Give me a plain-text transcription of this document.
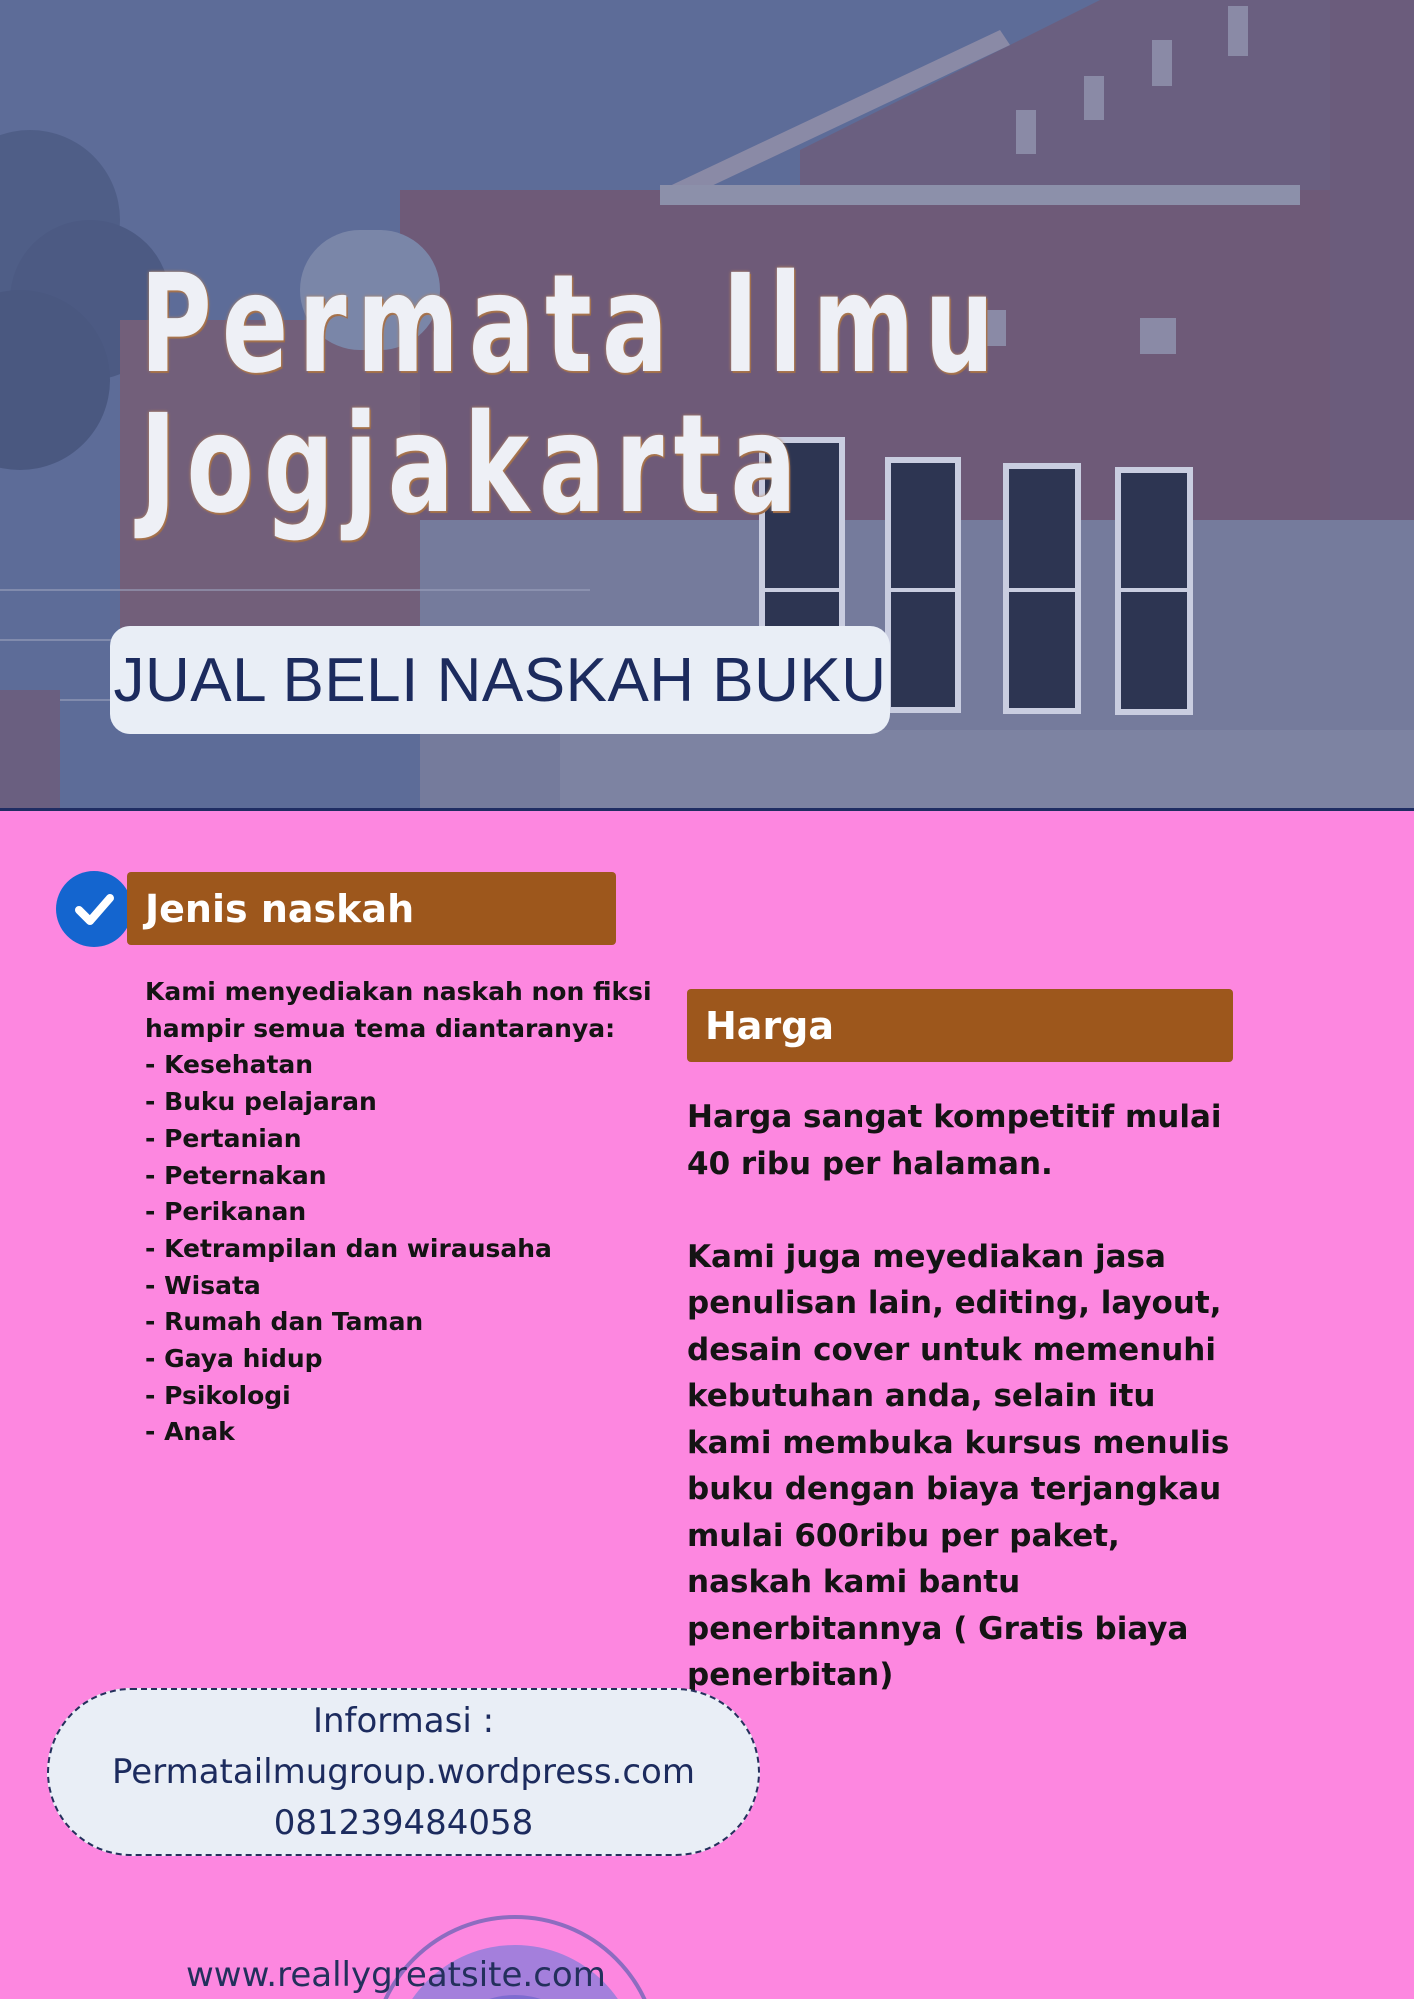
Permata Ilmu
Jogjakarta
JUAL BELI NASKAH BUKU
Jenis naskah
Kami menyediakan naskah non fiksi
hampir semua tema diantaranya:
- Kesehatan
- Buku pelajaran
- Pertanian
- Peternakan
- Perikanan
- Ketrampilan dan wirausaha
- Wisata
- Rumah dan Taman
- Gaya hidup
- Psikologi
- Anak
Harga

Harga sangat kompetitif mulai 40 ribu per halaman.

Kami juga meyediakan jasa penulisan lain, editing, layout, desain cover untuk memenuhi kebutuhan anda, selain itu kami membuka kursus menulis buku dengan biaya terjangkau mulai 600ribu per paket, naskah kami bantu penerbitannya ( Gratis biaya penerbitan)

Informasi :
Permatailmugroup.wordpress.com
081239484058
www.reallygreatsite.com
